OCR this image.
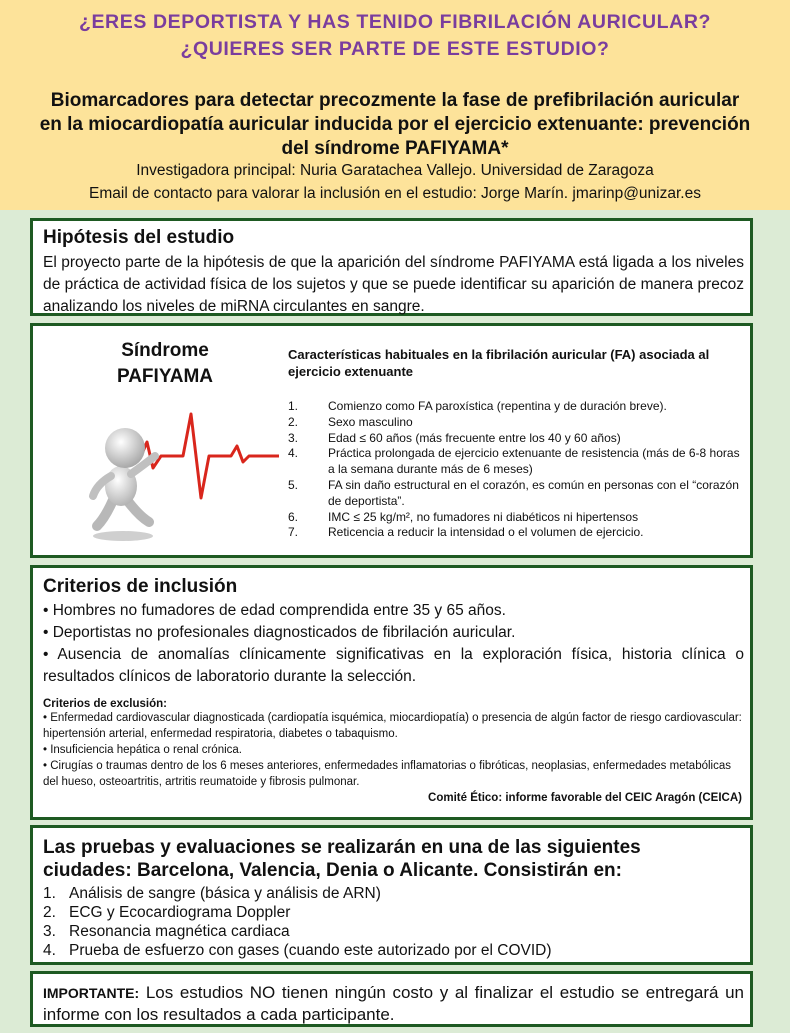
¿ERES DEPORTISTA Y HAS TENIDO FIBRILACIÓN AURICULAR?
¿QUIERES SER PARTE DE ESTE ESTUDIO?
Biomarcadores para detectar precozmente la fase de prefibrilación auricular
en la miocardiopatía auricular inducida por el ejercicio extenuante: prevención
del síndrome PAFIYAMA*
Investigadora principal: Nuria Garatachea Vallejo. Universidad de Zaragoza
Email de contacto para valorar la inclusión en el estudio: Jorge Marín. jmarinp@unizar.es
Hipótesis del estudio
El proyecto parte de la hipótesis de que la aparición del síndrome PAFIYAMA está ligada a los niveles de práctica de actividad física de los sujetos y que se puede identificar su aparición de manera precoz analizando los niveles de miRNA circulantes en sangre.
Síndrome
PAFIYAMA
Características habituales en la fibrilación auricular (FA) asociada al ejercicio extenuante
1. Comienzo como FA paroxística (repentina y de duración breve).
2. Sexo masculino
3. Edad ≤ 60 años (más frecuente entre los 40 y 60 años)
4. Práctica prolongada de ejercicio extenuante de resistencia (más de 6-8 horas a la semana durante más de 6 meses)
5. FA sin daño estructural en el corazón, es común en personas con el “corazón de deportista”.
6. IMC ≤ 25 kg/m², no fumadores ni diabéticos ni hipertensos
7. Reticencia a reducir la intensidad o el volumen de ejercicio.
Criterios de inclusión
• Hombres no fumadores de edad comprendida entre 35 y 65 años.
• Deportistas no profesionales diagnosticados de fibrilación auricular.
• Ausencia de anomalías clínicamente significativas en la exploración física, historia clínica o resultados clínicos de laboratorio durante la selección.
Criterios de exclusión:
• Enfermedad cardiovascular diagnosticada (cardiopatía isquémica, miocardiopatía) o presencia de algún factor de riesgo cardiovascular: hipertensión arterial, enfermedad respiratoria, diabetes o tabaquismo.
• Insuficiencia hepática o renal crónica.
• Cirugías o traumas dentro de los 6 meses anteriores, enfermedades inflamatorias o fibróticas, neoplasias, enfermedades metabólicas del hueso, osteoartritis, artritis reumatoide y fibrosis pulmonar.
Comité Ético: informe favorable del CEIC Aragón (CEICA)
Las pruebas y evaluaciones se realizarán en una de las siguientes
ciudades: Barcelona, Valencia, Denia o Alicante. Consistirán en:
1. Análisis de sangre (básica y análisis de ARN)
2. ECG y Ecocardiograma Doppler
3. Resonancia magnética cardiaca
4. Prueba de esfuerzo con gases (cuando este autorizado por el COVID)
IMPORTANTE: Los estudios NO tienen ningún costo y al finalizar el estudio se entregará un informe con los resultados a cada participante.
